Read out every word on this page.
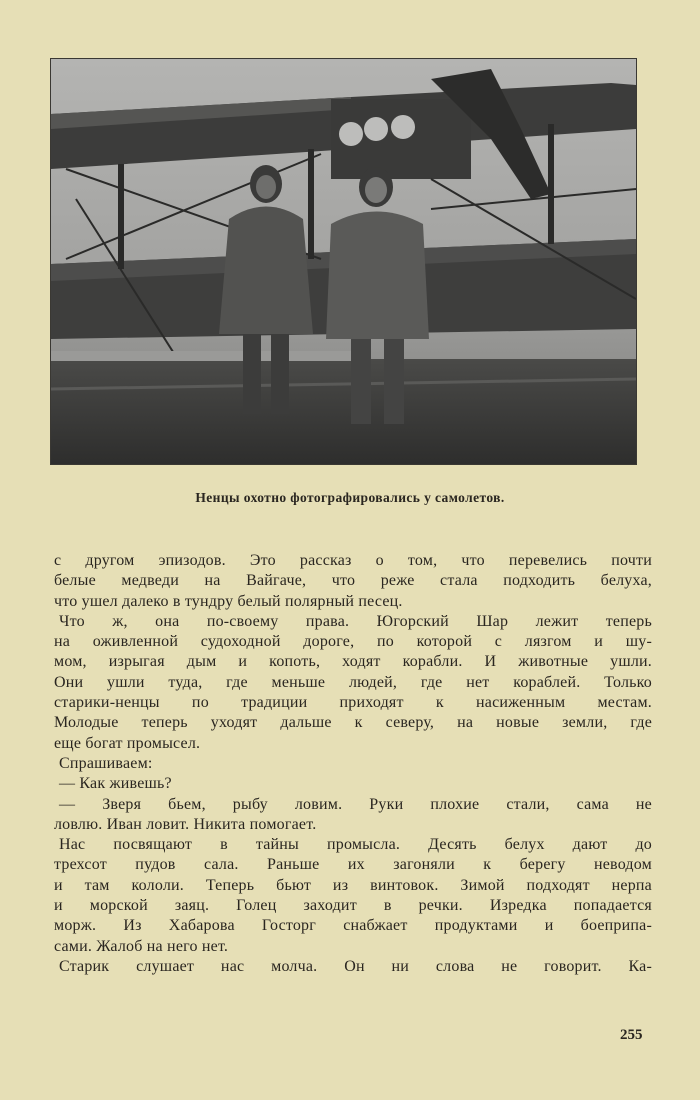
Ненцы охотно фотографировались у самолетов.

с другом эпизодов. Это рассказ о том, что перевелись почти

белые медведи на Вайгаче, что реже стала подходить белуха,

что ушел далеко в тундру белый полярный песец.

Что ж, она по-своему права. Югорский Шар лежит теперь

на оживленной судоходной дороге, по которой с лязгом и шу-

мом, изрыгая дым и копоть, ходят корабли. И животные ушли.

Они ушли туда, где меньше людей, где нет кораблей. Только

старики-ненцы по традиции приходят к насиженным местам.

Молодые теперь уходят дальше к северу, на новые земли, где

еще богат промысел.

Спрашиваем:

— Как живешь?

— Зверя бьем, рыбу ловим. Руки плохие стали, сама не

ловлю. Иван ловит. Никита помогает.

Нас посвящают в тайны промысла. Десять белух дают до

трехсот пудов сала. Раньше их загоняли к берегу неводом

и там кололи. Теперь бьют из винтовок. Зимой подходят нерпа

и морской заяц. Голец заходит в речки. Изредка попадается

морж. Из Хабарова Госторг снабжает продуктами и боеприпа-

сами. Жалоб на него нет.

Старик слушает нас молча. Он ни слова не говорит. Ка-

255
